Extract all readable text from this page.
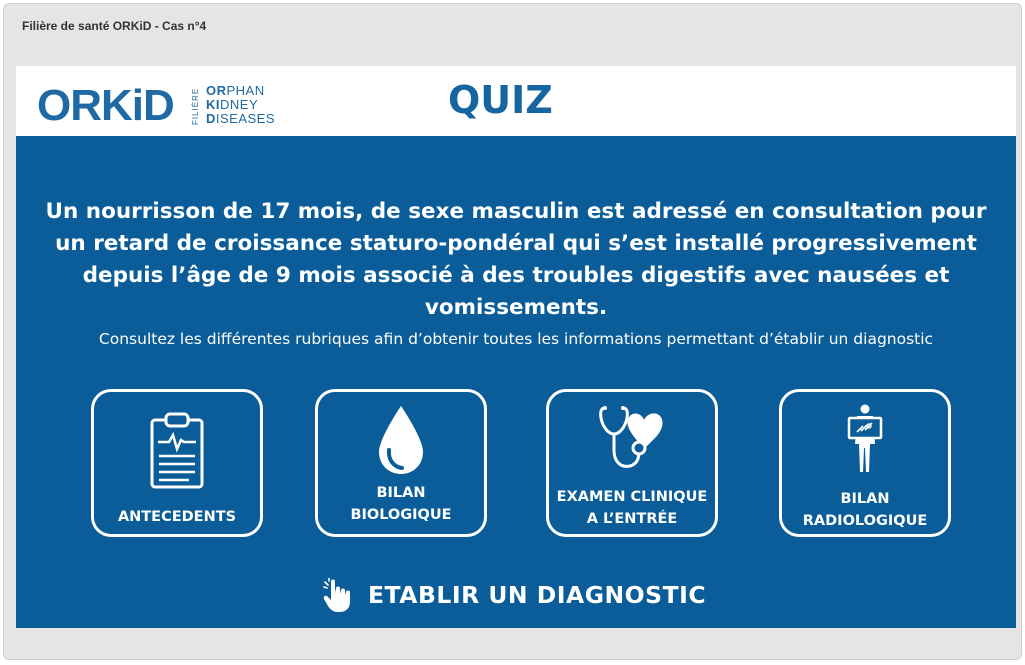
Filière de santé ORKiD - Cas n°4
ORKiD FILIÈRE ORPHAN
KIDNEY
DISEASES	QUIZ
Un nourrisson de 17 mois, de sexe masculin est adressé en consultation pour un retard de croissance staturo-pondéral qui s’est installé progressivement depuis l’âge de 9 mois associé à des troubles digestifs avec nausées et vomissements.
Consultez les différentes rubriques afin d’obtenir toutes les informations permettant d’établir un diagnostic
ANTECEDENTS
BILAN
BIOLOGIQUE
EXAMEN CLINIQUE
A L’ENTRÉE
BILAN
RADIOLOGIQUE
ETABLIR UN DIAGNOSTIC
